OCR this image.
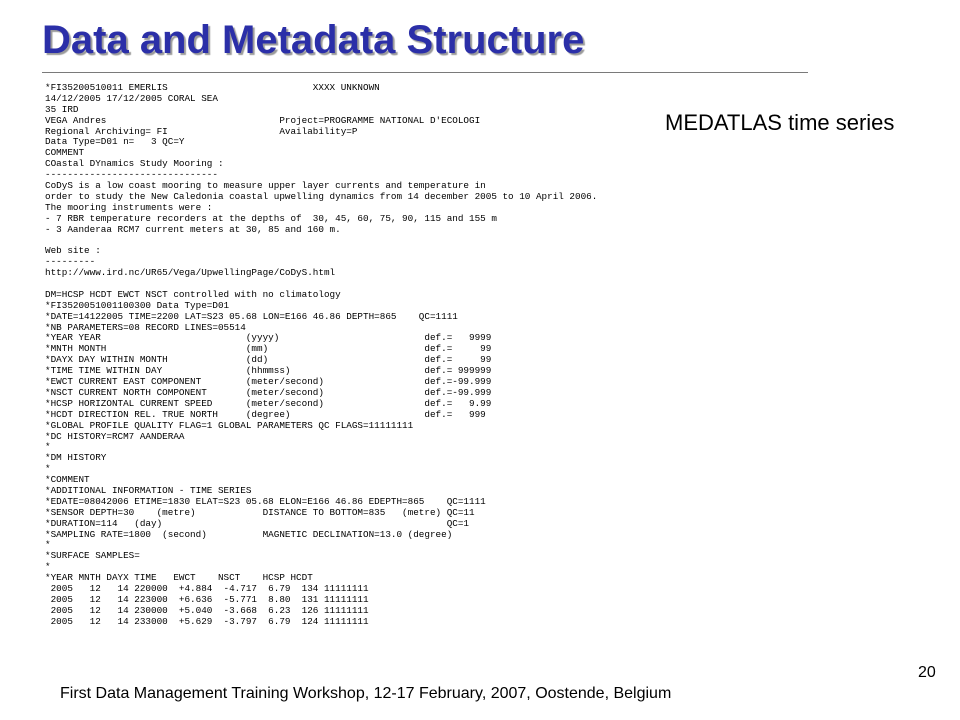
Data and Metadata Structure
MEDATLAS time series
*FI35200510011 EMERLIS                          XXXX UNKNOWN
14/12/2005 17/12/2005 CORAL SEA
35 IRD
VEGA Andres                               Project=PROGRAMME NATIONAL D'ECOLOGI
Regional Archiving= FI                    Availability=P
Data Type=D01 n=   3 QC=Y
COMMENT
COastal DYnamics Study Mooring :
-------------------------------
CoDyS is a low coast mooring to measure upper layer currents and temperature in
order to study the New Caledonia coastal upwelling dynamics from 14 december 2005 to 10 April 2006.
The mooring instruments were :
- 7 RBR temperature recorders at the depths of  30, 45, 60, 75, 90, 115 and 155 m
- 3 Aanderaa RCM7 current meters at 30, 85 and 160 m.
Web site :
---------
http://www.ird.nc/UR65/Vega/UpwellingPage/CoDyS.html
DM=HCSP HCDT EWCT NSCT controlled with no climatology
*FI3520051001100300 Data Type=D01
*DATE=14122005 TIME=2200 LAT=S23 05.68 LON=E166 46.86 DEPTH=865    QC=1111
*NB PARAMETERS=08 RECORD LINES=05514
*YEAR YEAR                          (yyyy)                          def.=   9999
*MNTH MONTH                         (mm)                            def.=     99
*DAYX DAY WITHIN MONTH              (dd)                            def.=     99
*TIME TIME WITHIN DAY               (hhmmss)                        def.= 999999
*EWCT CURRENT EAST COMPONENT        (meter/second)                  def.=-99.999
*NSCT CURRENT NORTH COMPONENT       (meter/second)                  def.=-99.999
*HCSP HORIZONTAL CURRENT SPEED      (meter/second)                  def.=   9.99
*HCDT DIRECTION REL. TRUE NORTH     (degree)                        def.=   999
*GLOBAL PROFILE QUALITY FLAG=1 GLOBAL PARAMETERS QC FLAGS=11111111
*DC HISTORY=RCM7 AANDERAA
*
*DM HISTORY
*
*COMMENT
*ADDITIONAL INFORMATION - TIME SERIES
*EDATE=08042006 ETIME=1830 ELAT=S23 05.68 ELON=E166 46.86 EDEPTH=865    QC=1111
*SENSOR DEPTH=30    (metre)            DISTANCE TO BOTTOM=835   (metre) QC=11
*DURATION=114   (day)                                                   QC=1
*SAMPLING RATE=1800  (second)          MAGNETIC DECLINATION=13.0 (degree)
*
*SURFACE SAMPLES=
*
*YEAR MNTH DAYX TIME   EWCT    NSCT    HCSP HCDT
2005   12   14 220000  +4.884  -4.717  6.79  134 11111111
2005   12   14 223000  +6.636  -5.771  8.80  131 11111111
2005   12   14 230000  +5.040  -3.668  6.23  126 11111111
2005   12   14 233000  +5.629  -3.797  6.79  124 11111111
20
First Data Management Training Workshop, 12-17 February, 2007, Oostende, Belgium
